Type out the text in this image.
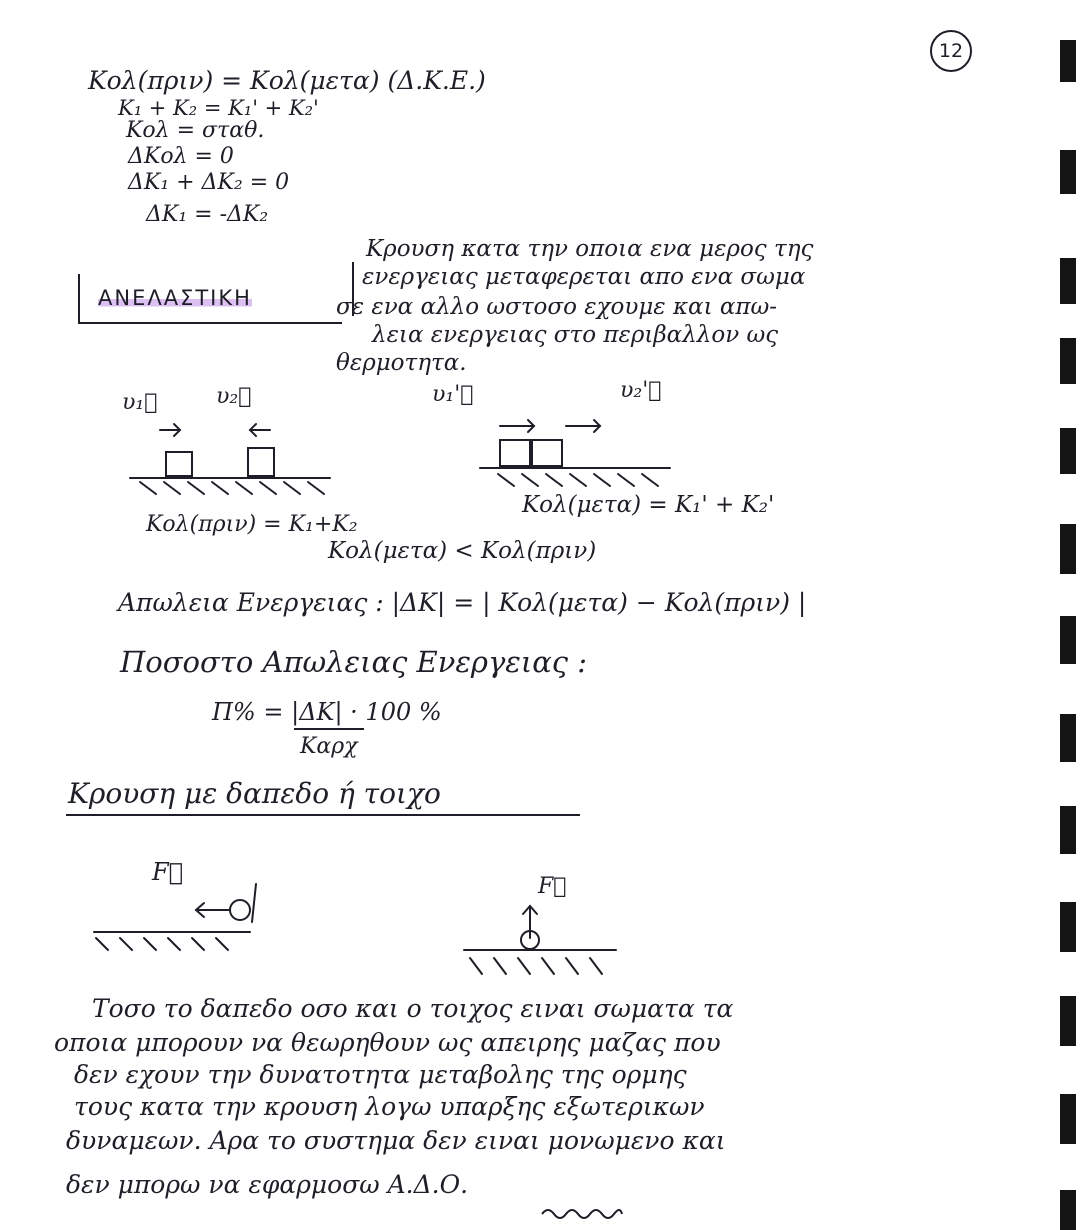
12
Kολ(πριν) = Kολ(μετα) (Δ.Κ.Ε.)
K₁ + K₂ = K₁' + K₂'
Kολ = σταθ.
ΔKολ = 0
ΔK₁ + ΔK₂ = 0
ΔK₁ = -ΔK₂
ΑΝΕΛΑΣΤΙΚΗ
Κρουση κατα την οποια ενα μερος της
ενεργειας μεταφερεται απο ενα σωμα
σε ενα αλλο ωστοσο εχουμε και απω-
λεια ενεργειας στο περιβαλλον ως
θερμοτητα.
υ₁⃗	υ₂⃗	υ₁'⃗	υ₂'⃗
Kολ(πριν) = K₁+K₂
Kολ(μετα) = K₁' + K₂'
Kολ(μετα) < Kολ(πριν)
Απωλεια Ενεργειας : |ΔK| = | Kολ(μετα) − Kολ(πριν) |
Ποσοστο Απωλειας Ενεργειας :
Π% = |ΔK| · 100 %
Kαρχ
Κρουση με δαπεδο ή τοιχο
F⃗
F⃗
Τοσο το δαπεδο οσο και ο τοιχος ειναι σωματα τα
οποια μπορουν να θεωρηθουν ως απειρης μαζας που
δεν εχουν την δυνατοτητα μεταβολης της ορμης
τους κατα την κρουση λογω υπαρξης εξωτερικων
δυναμεων. Αρα το συστημα δεν ειναι μονωμενο και
δεν μπορω να εφαρμοσω Α.Δ.Ο.
